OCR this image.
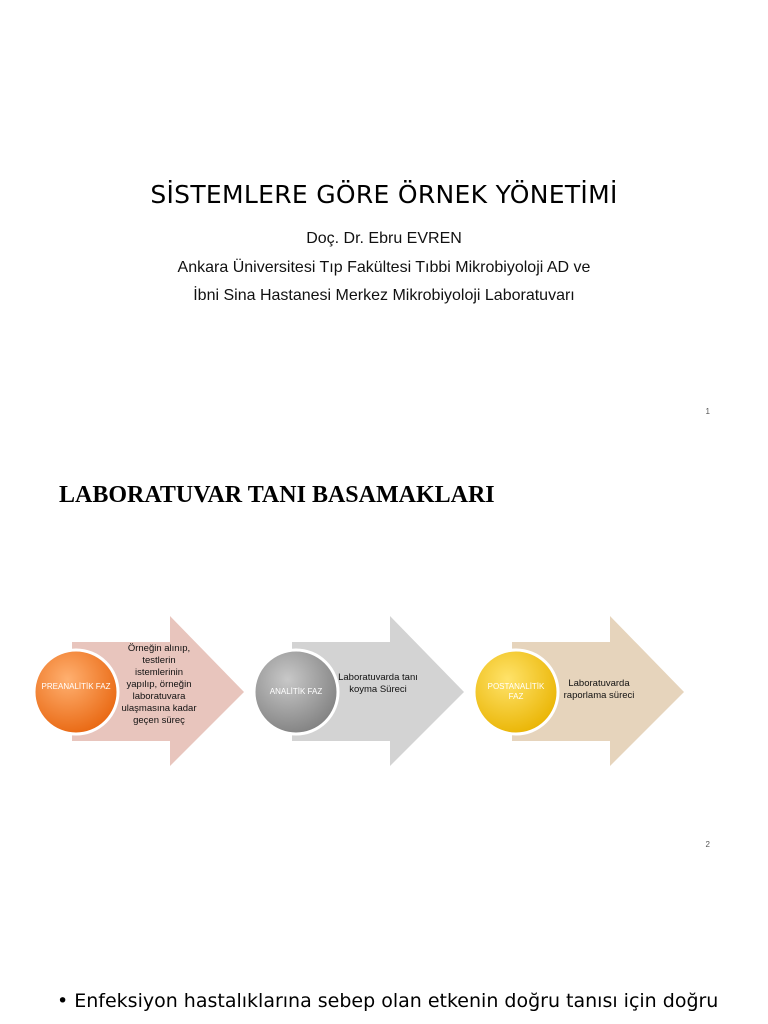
SİSTEMLERE GÖRE ÖRNEK YÖNETİMİ
Doç. Dr. Ebru EVREN
Ankara Üniversitesi Tıp Fakültesi Tıbbi Mikrobiyoloji AD ve
İbni Sina Hastanesi Merkez Mikrobiyoloji Laboratuvarı
1
LABORATUVAR TANI BASAMAKLARI
PREANALİTİK FAZ
ANALİTİK FAZ
POSTANALİTİK FAZ
Örneğin alınıp, testlerin istemlerinin yapılıp, örneğin laboratuvara ulaşmasına kadar geçen süreç
Laboratuvarda tanı koyma Süreci
Laboratuvarda raporlama süreci
2
• Enfeksiyon hastalıklarına sebep olan etkenin doğru tanısı için doğru
